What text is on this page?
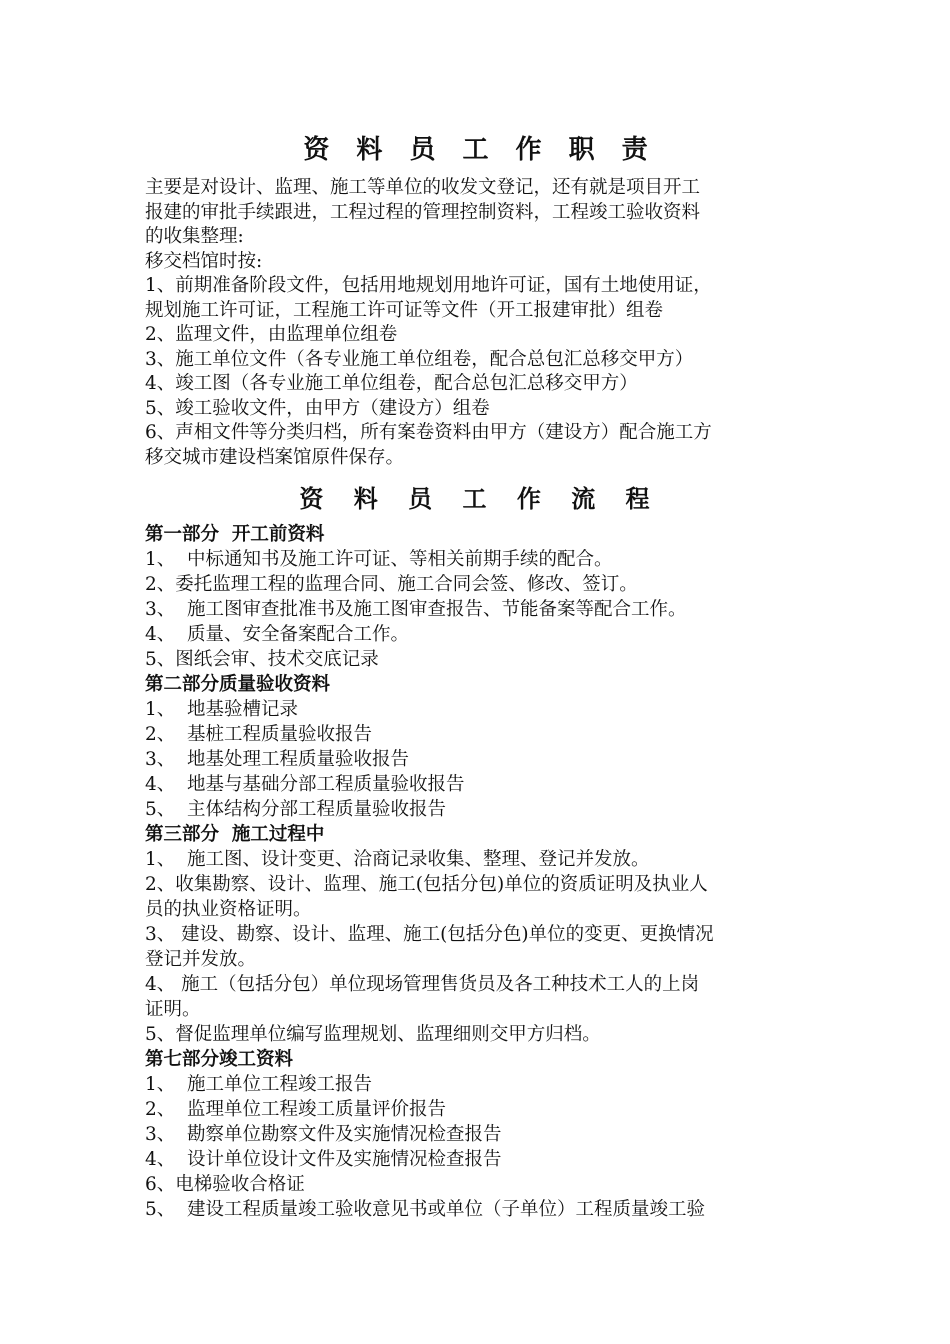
资 料 员 工 作 职 责

主要是对设计、监理、施工等单位的收发文登记，还有就是项目开工

报建的审批手续跟进，工程过程的管理控制资料，工程竣工验收资料

的收集整理:

移交档馆时按:

1、前期准备阶段文件，包括用地规划用地许可证，国有土地使用证，

规划施工许可证，工程施工许可证等文件（开工报建审批）组卷

2、监理文件，由监理单位组卷

3、施工单位文件（各专业施工单位组卷，配合总包汇总移交甲方）

4、竣工图（各专业施工单位组卷，配合总包汇总移交甲方）

5、竣工验收文件，由甲方（建设方）组卷

6、声相文件等分类归档，所有案卷资料由甲方（建设方）配合施工方

移交城市建设档案馆原件保存。

资 料 员 工 作 流 程

第一部分  开工前资料

1、  中标通知书及施工许可证、等相关前期手续的配合。

2、委托监理工程的监理合同、施工合同会签、修改、签订。

3、  施工图审查批准书及施工图审查报告、节能备案等配合工作。

4、  质量、安全备案配合工作。

5、图纸会审、技术交底记录

第二部分质量验收资料

1、  地基验槽记录

2、  基桩工程质量验收报告

3、  地基处理工程质量验收报告

4、  地基与基础分部工程质量验收报告

5、  主体结构分部工程质量验收报告

第三部分  施工过程中

1、  施工图、设计变更、洽商记录收集、整理、登记并发放。

2、收集勘察、设计、监理、施工(包括分包)单位的资质证明及执业人

员的执业资格证明。

3、 建设、勘察、设计、监理、施工(包括分色)单位的变更、更换情况

登记并发放。

4、 施工（包括分包）单位现场管理售货员及各工种技术工人的上岗

证明。

5、督促监理单位编写监理规划、监理细则交甲方归档。

第七部分竣工资料

1、  施工单位工程竣工报告

2、  监理单位工程竣工质量评价报告

3、  勘察单位勘察文件及实施情况检查报告

4、  设计单位设计文件及实施情况检查报告

6、电梯验收合格证

5、  建设工程质量竣工验收意见书或单位（子单位）工程质量竣工验
